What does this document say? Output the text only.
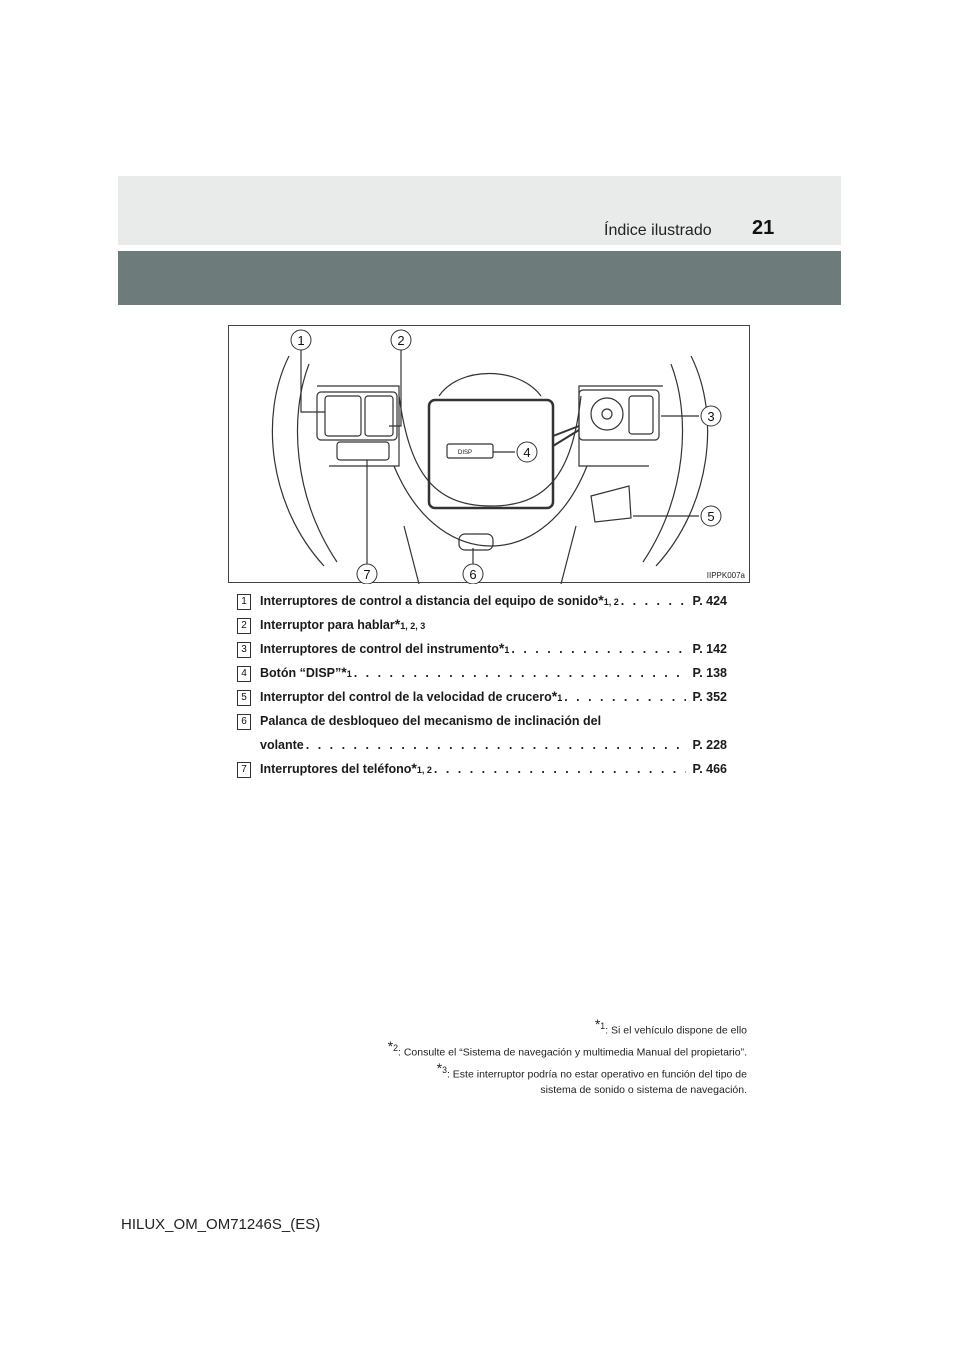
Índice ilustrado 21
DISP
1	2
3
4
5
6
7	IIPPK007a
1	Interruptores de control a distancia del equipo de sonido *1, 2 . . .	P. 424
2	Interruptor para hablar *1, 2, 3
3	Interruptores de control del instrumento *1 . . .	P. 142
4	Botón “DISP” *1 . . .	P. 138
5	Interruptor del control de la velocidad de crucero *1 . . .	P. 352
6	Palanca de desbloqueo del mecanismo de inclinación del
volante . . .	P. 228
7	Interruptores del teléfono *1, 2 . . .	P. 466
*$^1$: Si el vehículo dispone de ello
*$^2$: Consulte el “Sistema de navegación y multimedia Manual del propietario”.
*$^3$: Este interruptor podría no estar operativo en función del tipo de
sistema de sonido o sistema de navegación.
HILUX_OM_OM71246S_(ES)
